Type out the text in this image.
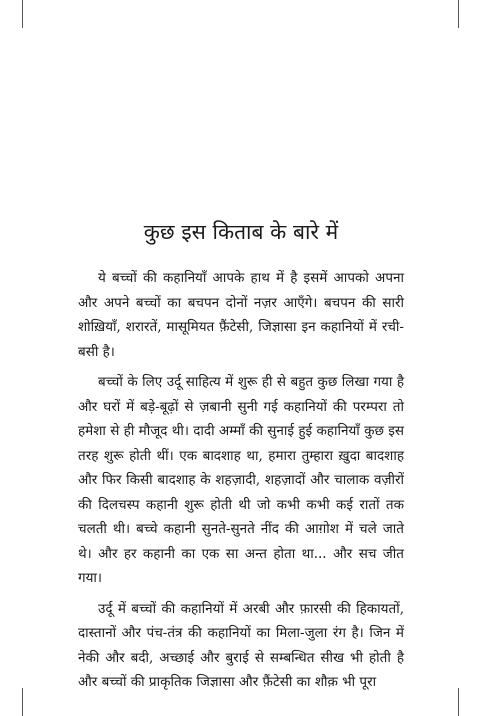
कुछ इस किताब के बारे में

ये बच्चों की कहानियाँ आपके हाथ में है इसमें आपको अपना और अपने बच्चों का बचपन दोनों नज़र आएँगे। बचपन की सारी शोख़ियाँ, शरारतें, मासूमियत फ़ैंटेसी, जिज्ञासा इन कहानियों में रची-बसी है।

बच्चों के लिए उर्दू साहित्य में शुरू ही से बहुत कुछ लिखा गया है और घरों में बड़े-बूढ़ों से ज़बानी सुनी गई कहानियों की परम्परा तो हमेशा से ही मौजूद थी। दादी अम्माँ की सुनाई हुई कहानियाँ कुछ इस तरह शुरू होती थीं। एक बादशाह था, हमारा तुम्हारा ख़ुदा बादशाह और फिर किसी बादशाह के शहज़ादी, शहज़ादों और चालाक वज़ीरों की दिलचस्प कहानी शुरू होती थी जो कभी कभी कई रातों तक चलती थी। बच्चे कहानी सुनते-सुनते नींद की आग़ोश में चले जाते थे। और हर कहानी का एक सा अन्त होता था... और सच जीत गया।

उर्दू में बच्चों की कहानियों में अरबी और फ़ारसी की हिकायतों, दास्तानों और पंच-तंत्र की कहानियों का मिला-जुला रंग है। जिन में नेकी और बदी, अच्छाई और बुराई से सम्बन्धित सीख भी होती है और बच्चों की प्राकृतिक जिज्ञासा और फ़ैंटेसी का शौक़ भी पूरा
